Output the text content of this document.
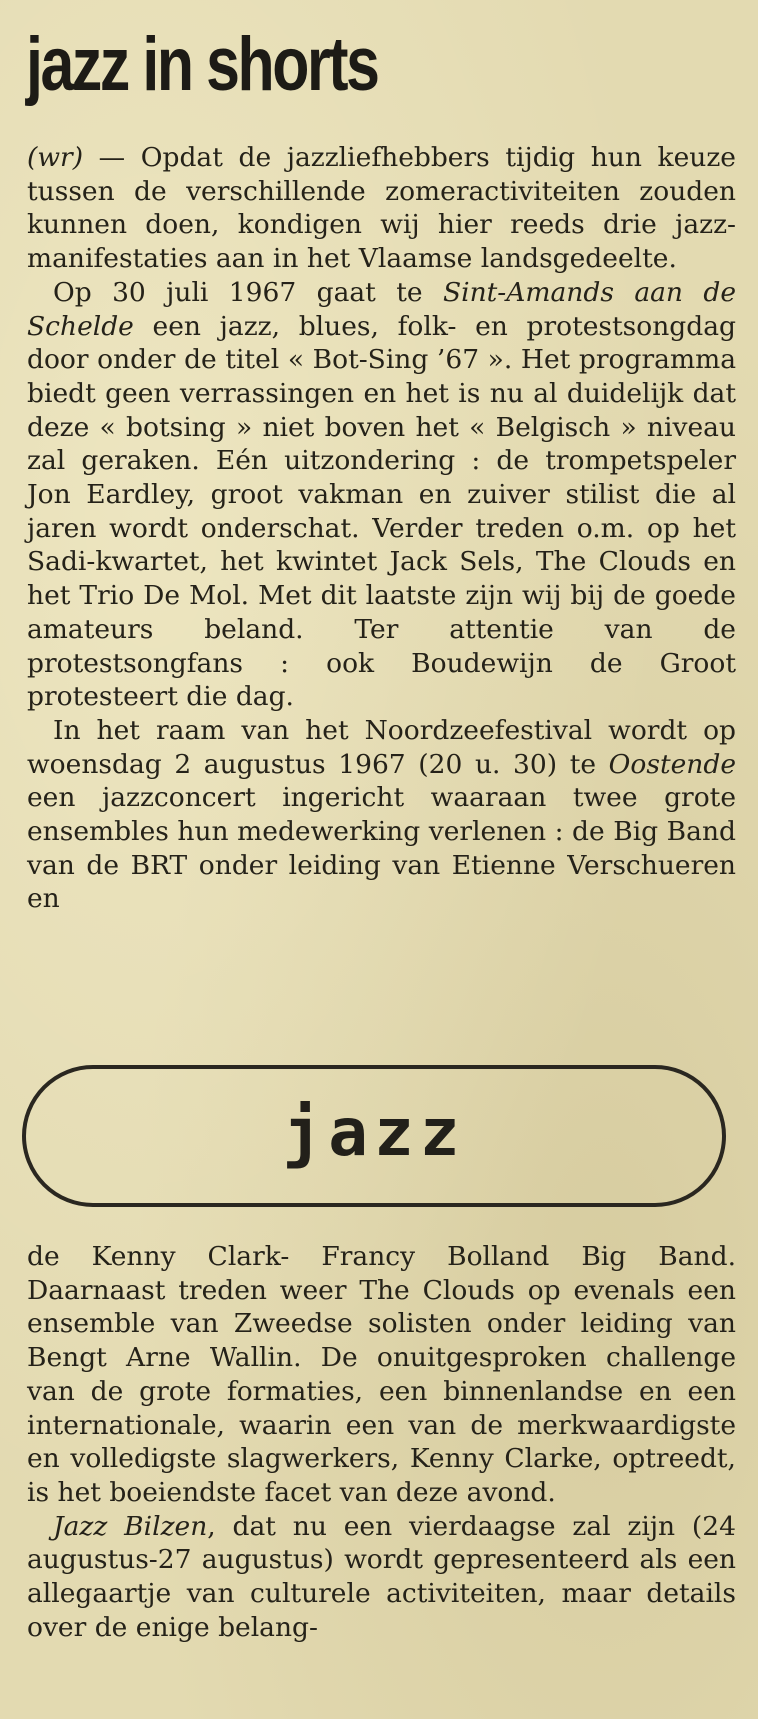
jazz in shorts

(wr) — Opdat de jazzliefhebbers tijdig hun keuze tussen de verschillende zomeractiviteiten zouden kunnen doen, kondigen wij hier reeds drie jazz-manifestaties aan in het Vlaamse landsgedeelte.

Op 30 juli 1967 gaat te Sint-Amands aan de Schelde een jazz, blues, folk- en protestsongdag door onder de titel « Bot-Sing ’67 ». Het programma biedt geen verrassingen en het is nu al duidelijk dat deze « botsing » niet boven het « Belgisch » niveau zal geraken. Eén uitzondering : de trompetspeler Jon Eardley, groot vakman en zuiver stilist die al jaren wordt onderschat. Verder treden o.m. op het Sadi-kwartet, het kwintet Jack Sels, The Clouds en het Trio De Mol. Met dit laatste zijn wij bij de goede amateurs beland. Ter attentie van de protestsongfans : ook Boudewijn de Groot protesteert die dag.

In het raam van het Noordzeefestival wordt op woensdag 2 augustus 1967 (20 u. 30) te Oostende een jazzconcert ingericht waaraan twee grote ensembles hun medewerking verlenen : de Big Band van de BRT onder leiding van Etienne Verschueren en

jazz

de Kenny Clark- Francy Bolland Big Band. Daarnaast treden weer The Clouds op evenals een ensemble van Zweedse solisten onder leiding van Bengt Arne Wallin. De onuitgesproken challenge van de grote formaties, een binnenlandse en een internationale, waarin een van de merkwaardigste en volledigste slagwerkers, Kenny Clarke, optreedt, is het boeiendste facet van deze avond.

Jazz Bilzen, dat nu een vierdaagse zal zijn (24 augustus-27 augustus) wordt gepresenteerd als een allegaartje van culturele activiteiten, maar details over de enige belang-
